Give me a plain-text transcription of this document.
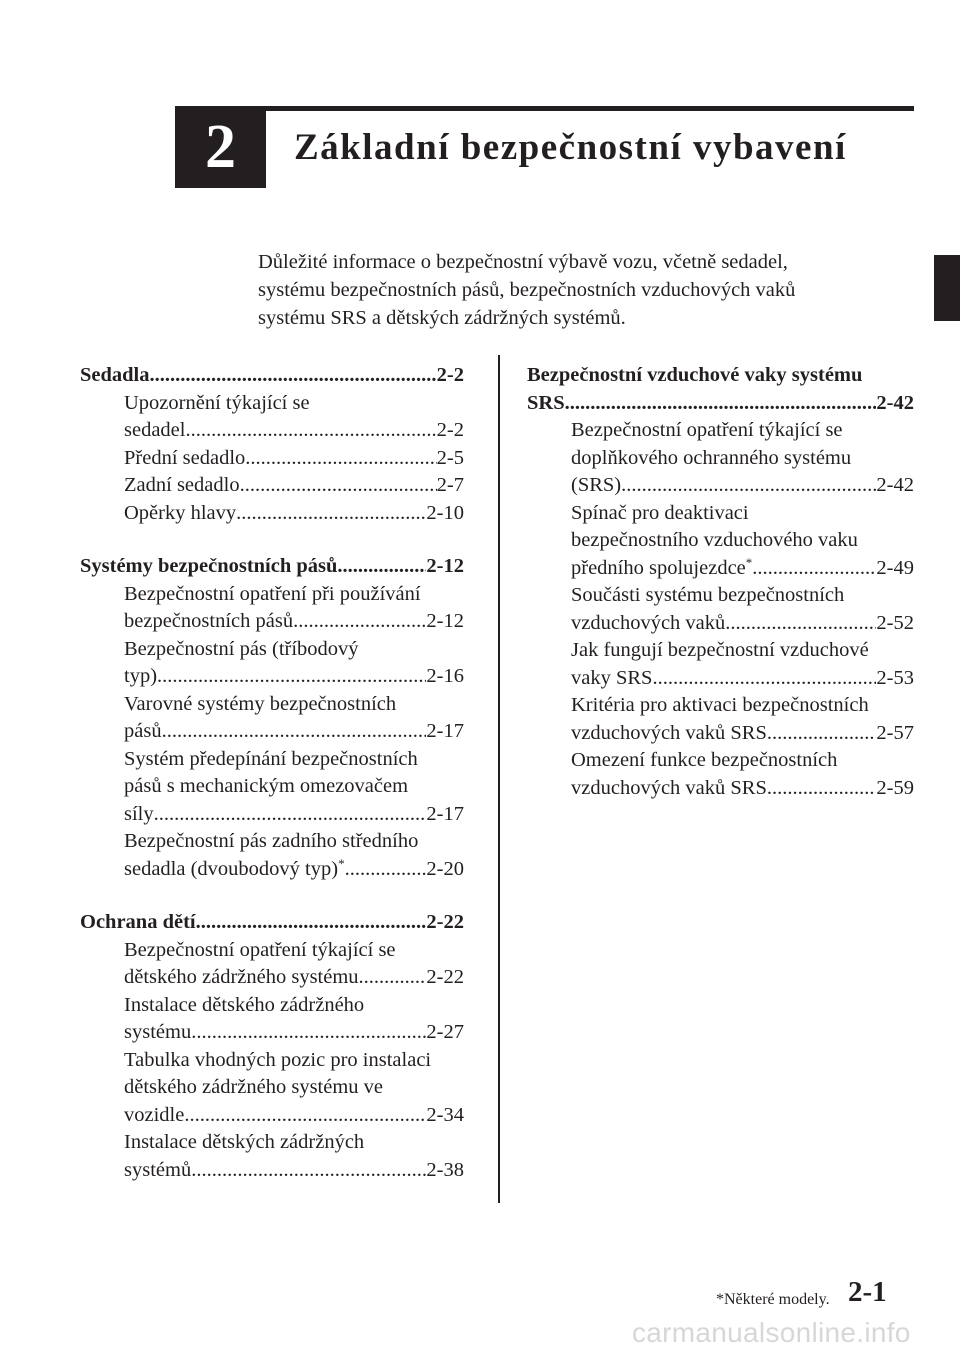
2 Základní bezpečnostní vybavení
Důležité informace o bezpečnostní výbavě vozu, včetně sedadel,
systému bezpečnostních pásů, bezpečnostních vzduchových vaků
systému SRS a dětských zádržných systémů.
Sedadla .....	2-2
Upozornění týkající se
sedadel .....	2-2
Přední sedadlo .....	2-5
Zadní sedadlo .....	2-7
Opěrky hlavy .....	2-10
Systémy bezpečnostních pásů .....	2-12
Bezpečnostní opatření při používání
bezpečnostních pásů .....	2-12
Bezpečnostní pás (tříbodový
typ) .....	2-16
Varovné systémy bezpečnostních
pásů .....	2-17
Systém předepínání bezpečnostních
pásů s mechanickým omezovačem
síly .....	2-17
Bezpečnostní pás zadního středního
sedadla (dvoubodový typ)* .....	2-20
Ochrana dětí .....	2-22
Bezpečnostní opatření týkající se
dětského zádržného systému .....	2-22
Instalace dětského zádržného
systému .....	2-27
Tabulka vhodných pozic pro instalaci
dětského zádržného systému ve
vozidle .....	2-34
Instalace dětských zádržných
systémů .....	2-38
Bezpečnostní vzduchové vaky systému
SRS .....	2-42
Bezpečnostní opatření týkající se
doplňkového ochranného systému
(SRS) .....	2-42
Spínač pro deaktivaci
bezpečnostního vzduchového vaku
předního spolujezdce* .....	2-49
Součásti systému bezpečnostních
vzduchových vaků .....	2-52
Jak fungují bezpečnostní vzduchové
vaky SRS .....	2-53
Kritéria pro aktivaci bezpečnostních
vzduchových vaků SRS .....	2-57
Omezení funkce bezpečnostních
vzduchových vaků SRS .....	2-59
*Některé modely. 2-1
carmanualsonline.info
